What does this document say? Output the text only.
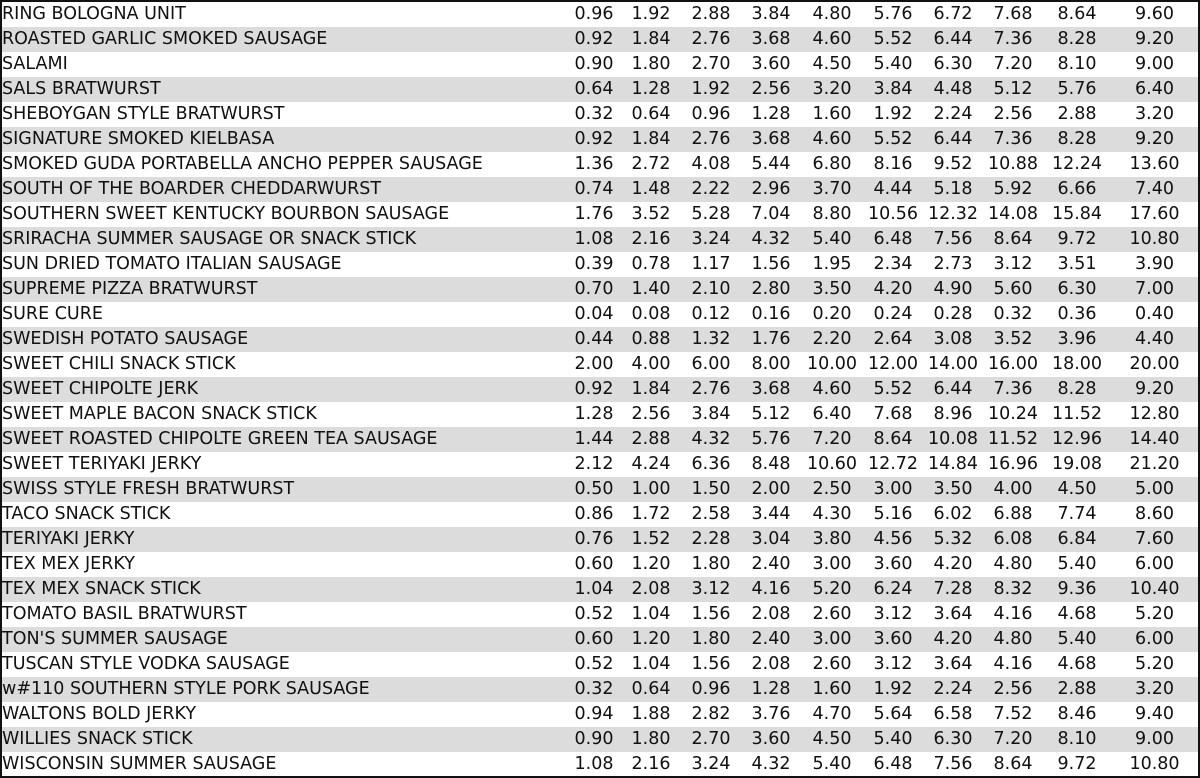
RING BOLOGNA UNIT	0.96	1.92	2.88	3.84	4.80	5.76	6.72	7.68	8.64	9.60
ROASTED GARLIC SMOKED SAUSAGE	0.92	1.84	2.76	3.68	4.60	5.52	6.44	7.36	8.28	9.20
SALAMI	0.90	1.80	2.70	3.60	4.50	5.40	6.30	7.20	8.10	9.00
SALS BRATWURST	0.64	1.28	1.92	2.56	3.20	3.84	4.48	5.12	5.76	6.40
SHEBOYGAN STYLE BRATWURST	0.32	0.64	0.96	1.28	1.60	1.92	2.24	2.56	2.88	3.20
SIGNATURE SMOKED KIELBASA	0.92	1.84	2.76	3.68	4.60	5.52	6.44	7.36	8.28	9.20
SMOKED GUDA PORTABELLA ANCHO PEPPER SAUSAGE	1.36	2.72	4.08	5.44	6.80	8.16	9.52	10.88	12.24	13.60
SOUTH OF THE BOARDER CHEDDARWURST	0.74	1.48	2.22	2.96	3.70	4.44	5.18	5.92	6.66	7.40
SOUTHERN SWEET KENTUCKY BOURBON SAUSAGE	1.76	3.52	5.28	7.04	8.80	10.56	12.32	14.08	15.84	17.60
SRIRACHA SUMMER SAUSAGE OR SNACK STICK	1.08	2.16	3.24	4.32	5.40	6.48	7.56	8.64	9.72	10.80
SUN DRIED TOMATO ITALIAN SAUSAGE	0.39	0.78	1.17	1.56	1.95	2.34	2.73	3.12	3.51	3.90
SUPREME PIZZA BRATWURST	0.70	1.40	2.10	2.80	3.50	4.20	4.90	5.60	6.30	7.00
SURE CURE	0.04	0.08	0.12	0.16	0.20	0.24	0.28	0.32	0.36	0.40
SWEDISH POTATO SAUSAGE	0.44	0.88	1.32	1.76	2.20	2.64	3.08	3.52	3.96	4.40
SWEET CHILI SNACK STICK	2.00	4.00	6.00	8.00	10.00	12.00	14.00	16.00	18.00	20.00
SWEET CHIPOLTE JERK	0.92	1.84	2.76	3.68	4.60	5.52	6.44	7.36	8.28	9.20
SWEET MAPLE BACON SNACK STICK	1.28	2.56	3.84	5.12	6.40	7.68	8.96	10.24	11.52	12.80
SWEET ROASTED CHIPOLTE GREEN TEA SAUSAGE	1.44	2.88	4.32	5.76	7.20	8.64	10.08	11.52	12.96	14.40
SWEET TERIYAKI JERKY	2.12	4.24	6.36	8.48	10.60	12.72	14.84	16.96	19.08	21.20
SWISS STYLE FRESH BRATWURST	0.50	1.00	1.50	2.00	2.50	3.00	3.50	4.00	4.50	5.00
TACO SNACK STICK	0.86	1.72	2.58	3.44	4.30	5.16	6.02	6.88	7.74	8.60
TERIYAKI JERKY	0.76	1.52	2.28	3.04	3.80	4.56	5.32	6.08	6.84	7.60
TEX MEX JERKY	0.60	1.20	1.80	2.40	3.00	3.60	4.20	4.80	5.40	6.00
TEX MEX SNACK STICK	1.04	2.08	3.12	4.16	5.20	6.24	7.28	8.32	9.36	10.40
TOMATO BASIL BRATWURST	0.52	1.04	1.56	2.08	2.60	3.12	3.64	4.16	4.68	5.20
TON'S SUMMER SAUSAGE	0.60	1.20	1.80	2.40	3.00	3.60	4.20	4.80	5.40	6.00
TUSCAN STYLE VODKA SAUSAGE	0.52	1.04	1.56	2.08	2.60	3.12	3.64	4.16	4.68	5.20
w#110 SOUTHERN STYLE PORK SAUSAGE	0.32	0.64	0.96	1.28	1.60	1.92	2.24	2.56	2.88	3.20
WALTONS BOLD JERKY	0.94	1.88	2.82	3.76	4.70	5.64	6.58	7.52	8.46	9.40
WILLIES SNACK STICK	0.90	1.80	2.70	3.60	4.50	5.40	6.30	7.20	8.10	9.00
WISCONSIN SUMMER SAUSAGE	1.08	2.16	3.24	4.32	5.40	6.48	7.56	8.64	9.72	10.80
